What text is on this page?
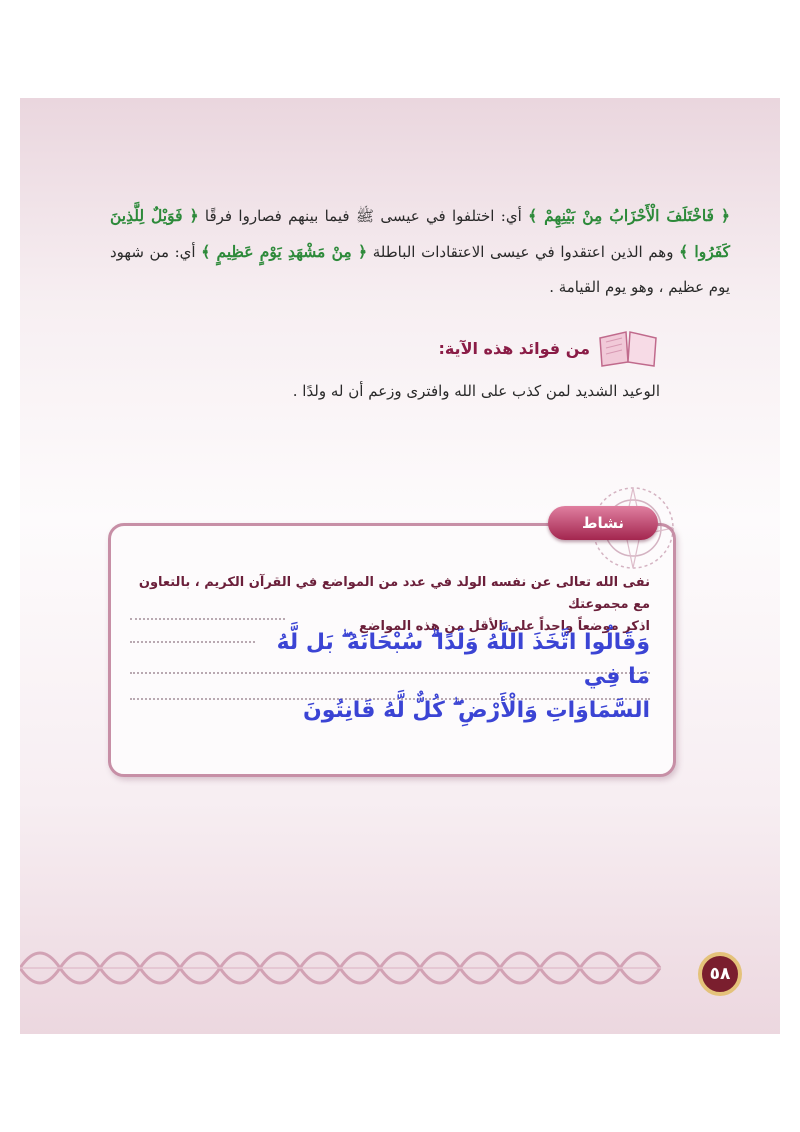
﴿ فَاخْتَلَفَ الْأَحْزَابُ مِنْ بَيْنِهِمْ ﴾ أي: اختلفوا في عيسى ﷺ فيما بينهم فصاروا فرقًا ﴿ فَوَيْلٌ لِلَّذِينَ كَفَرُوا ﴾ وهم الذين اعتقدوا في عيسى الاعتقادات الباطلة ﴿ مِنْ مَشْهَدِ يَوْمٍ عَظِيمٍ ﴾ أي: من شهود يوم عظيم ، وهو يوم القيامة .
من فوائد هذه الآية:
الوعيد الشديد لمن كذب على الله وافترى وزعم أن له ولدًا .
نشاط
نفى الله تعالى عن نفسه الولد في عدد من المواضع في القرآن الكريم ، بالتعاون مع مجموعتك
اذكر موضعاً واحداً على الأقل من هذه المواضع
وَقَالُوا اتَّخَذَ اللَّهُ وَلَدًا ۗ سُبْحَانَهُ ۖ بَل لَّهُ مَا فِي
السَّمَاوَاتِ وَالْأَرْضِ ۖ كُلٌّ لَّهُ قَانِتُونَ
٥٨
